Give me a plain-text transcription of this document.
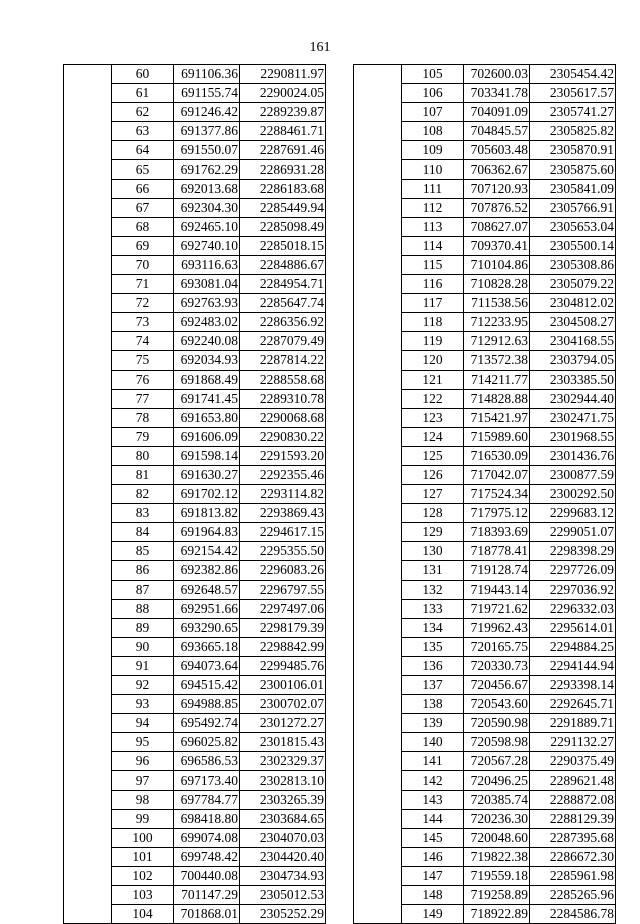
161
	60	691106.36	2290811.97
	61	691155.74	2290024.05
	62	691246.42	2289239.87
	63	691377.86	2288461.71
	64	691550.07	2287691.46
	65	691762.29	2286931.28
	66	692013.68	2286183.68
	67	692304.30	2285449.94
	68	692465.10	2285098.49
	69	692740.10	2285018.15
	70	693116.63	2284886.67
	71	693081.04	2284954.71
	72	692763.93	2285647.74
	73	692483.02	2286356.92
	74	692240.08	2287079.49
	75	692034.93	2287814.22
	76	691868.49	2288558.68
	77	691741.45	2289310.78
	78	691653.80	2290068.68
	79	691606.09	2290830.22
	80	691598.14	2291593.20
	81	691630.27	2292355.46
	82	691702.12	2293114.82
	83	691813.82	2293869.43
	84	691964.83	2294617.15
	85	692154.42	2295355.50
	86	692382.86	2296083.26
	87	692648.57	2296797.55
	88	692951.66	2297497.06
	89	693290.65	2298179.39
	90	693665.18	2298842.99
	91	694073.64	2299485.76
	92	694515.42	2300106.01
	93	694988.85	2300702.07
	94	695492.74	2301272.27
	95	696025.82	2301815.43
	96	696586.53	2302329.37
	97	697173.40	2302813.10
	98	697784.77	2303265.39
	99	698418.80	2303684.65
	100	699074.08	2304070.03
	101	699748.42	2304420.40
	102	700440.08	2304734.93
	103	701147.29	2305012.53
	104	701868.01	2305252.29
	105	702600.03	2305454.42
	106	703341.78	2305617.57
	107	704091.09	2305741.27
	108	704845.57	2305825.82
	109	705603.48	2305870.91
	110	706362.67	2305875.60
	111	707120.93	2305841.09
	112	707876.52	2305766.91
	113	708627.07	2305653.04
	114	709370.41	2305500.14
	115	710104.86	2305308.86
	116	710828.28	2305079.22
	117	711538.56	2304812.02
	118	712233.95	2304508.27
	119	712912.63	2304168.55
	120	713572.38	2303794.05
	121	714211.77	2303385.50
	122	714828.88	2302944.40
	123	715421.97	2302471.75
	124	715989.60	2301968.55
	125	716530.09	2301436.76
	126	717042.07	2300877.59
	127	717524.34	2300292.50
	128	717975.12	2299683.12
	129	718393.69	2299051.07
	130	718778.41	2298398.29
	131	719128.74	2297726.09
	132	719443.14	2297036.92
	133	719721.62	2296332.03
	134	719962.43	2295614.01
	135	720165.75	2294884.25
	136	720330.73	2294144.94
	137	720456.67	2293398.14
	138	720543.60	2292645.71
	139	720590.98	2291889.71
	140	720598.98	2291132.27
	141	720567.28	2290375.49
	142	720496.25	2289621.48
	143	720385.74	2288872.08
	144	720236.30	2288129.39
	145	720048.60	2287395.68
	146	719822.38	2286672.30
	147	719559.18	2285961.98
	148	719258.89	2285265.96
	149	718922.89	2284586.78
